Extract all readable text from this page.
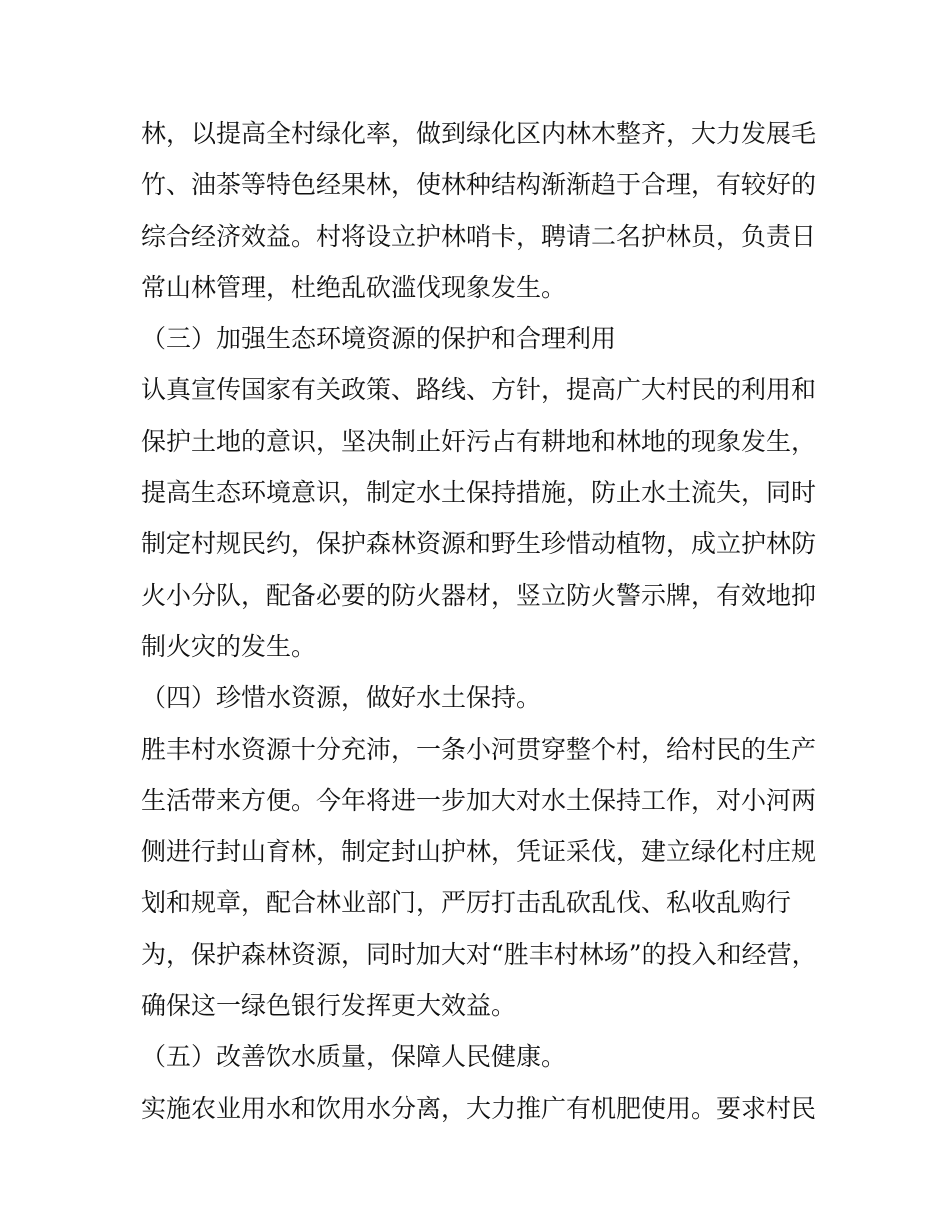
林，以提高全村绿化率，做到绿化区内林木整齐，大力发展毛
竹、油茶等特色经果林，使林种结构渐渐趋于合理，有较好的
综合经济效益。村将设立护林哨卡，聘请二名护林员，负责日
常山林管理，杜绝乱砍滥伐现象发生。
（三）加强生态环境资源的保护和合理利用
认真宣传国家有关政策、路线、方针，提高广大村民的利用和
保护土地的意识，坚决制止奸污占有耕地和林地的现象发生，
提高生态环境意识，制定水土保持措施，防止水土流失，同时
制定村规民约，保护森林资源和野生珍惜动植物，成立护林防
火小分队，配备必要的防火器材，竖立防火警示牌，有效地抑
制火灾的发生。
（四）珍惜水资源，做好水土保持。
胜丰村水资源十分充沛，一条小河贯穿整个村，给村民的生产
生活带来方便。今年将进一步加大对水土保持工作，对小河两
侧进行封山育林，制定封山护林，凭证采伐，建立绿化村庄规
划和规章，配合林业部门，严厉打击乱砍乱伐、私收乱购行
为，保护森林资源，同时加大对“胜丰村林场”的投入和经营，
确保这一绿色银行发挥更大效益。
（五）改善饮水质量，保障人民健康。
实施农业用水和饮用水分离，大力推广有机肥使用。要求村民
